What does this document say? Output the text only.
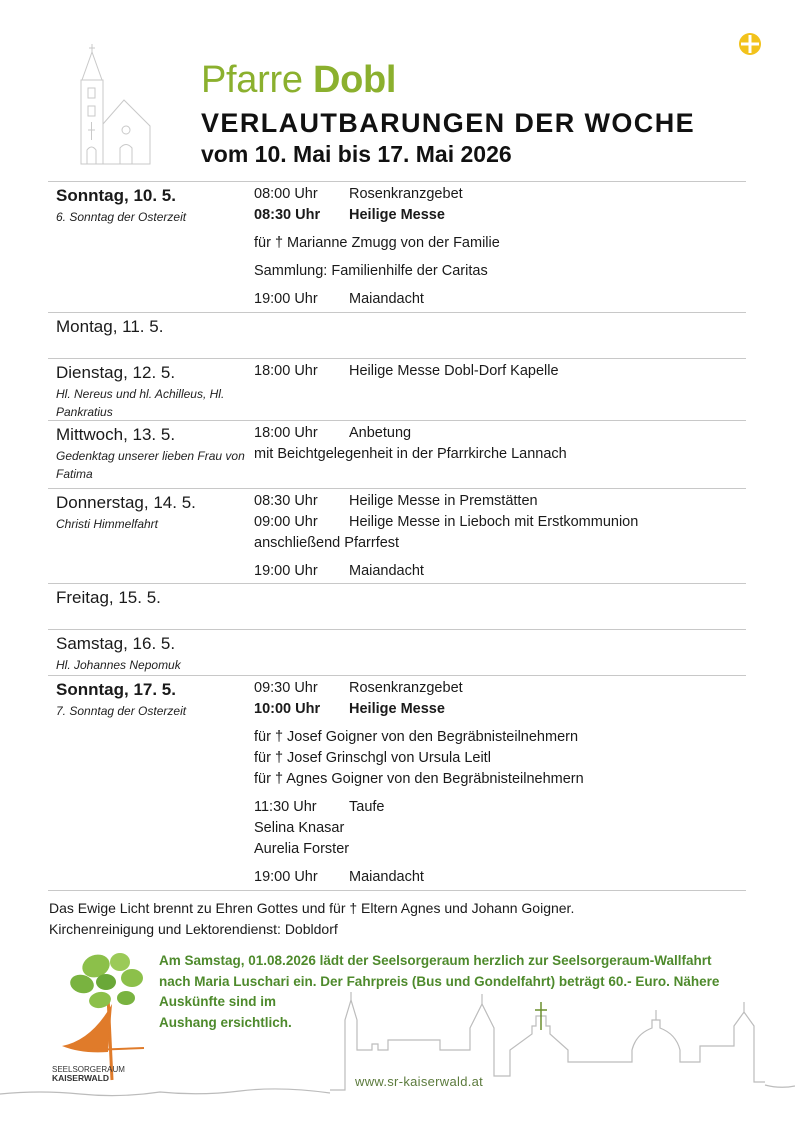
Pfarre Dobl
VERLAUTBARUNGEN DER WOCHE
vom 10. Mai bis 17. Mai 2026
Sonntag, 10. 5.
6. Sonntag der Osterzeit
08:00 Uhr	Rosenkranzgebet
08:30 Uhr	Heilige Messe
für † Marianne Zmugg von der Familie
Sammlung: Familienhilfe der Caritas
19:00 Uhr	Maiandacht
Montag, 11. 5.
Dienstag, 12. 5.
Hl. Nereus und hl. Achilleus, Hl. Pankratius
18:00 Uhr	Heilige Messe Dobl-Dorf Kapelle
Mittwoch, 13. 5.
Gedenktag unserer lieben Frau von Fatima
18:00 Uhr	Anbetung
mit Beichtgelegenheit in der Pfarrkirche Lannach
Donnerstag, 14. 5.
Christi Himmelfahrt
08:30 Uhr	Heilige Messe in Premstätten
09:00 Uhr	Heilige Messe in Lieboch mit Erstkommunion
anschließend Pfarrfest
19:00 Uhr	Maiandacht
Freitag, 15. 5.
Samstag, 16. 5.
Hl. Johannes Nepomuk
Sonntag, 17. 5.
7. Sonntag der Osterzeit
09:30 Uhr	Rosenkranzgebet
10:00 Uhr	Heilige Messe
für † Josef Goigner von den Begräbnisteilnehmern
für † Josef Grinschgl von Ursula Leitl
für † Agnes Goigner von den Begräbnisteilnehmern
11:30 Uhr	Taufe
Selina Knasar
Aurelia Forster
19:00 Uhr	Maiandacht
Das Ewige Licht brennt zu Ehren Gottes und für † Eltern Agnes und Johann Goigner.
Kirchenreinigung und Lektorendienst: Dobldorf
Am Samstag, 01.08.2026 lädt der Seelsorgeraum herzlich zur Seelsorgeraum-Wallfahrt
nach Maria Luschari ein. Der Fahrpreis (Bus und Gondelfahrt) beträgt 60.- Euro. Nähere
Auskünfte sind im
Aushang ersichtlich.
SEELSORGERAUM
KAISERWALD	www.sr-kaiserwald.at
